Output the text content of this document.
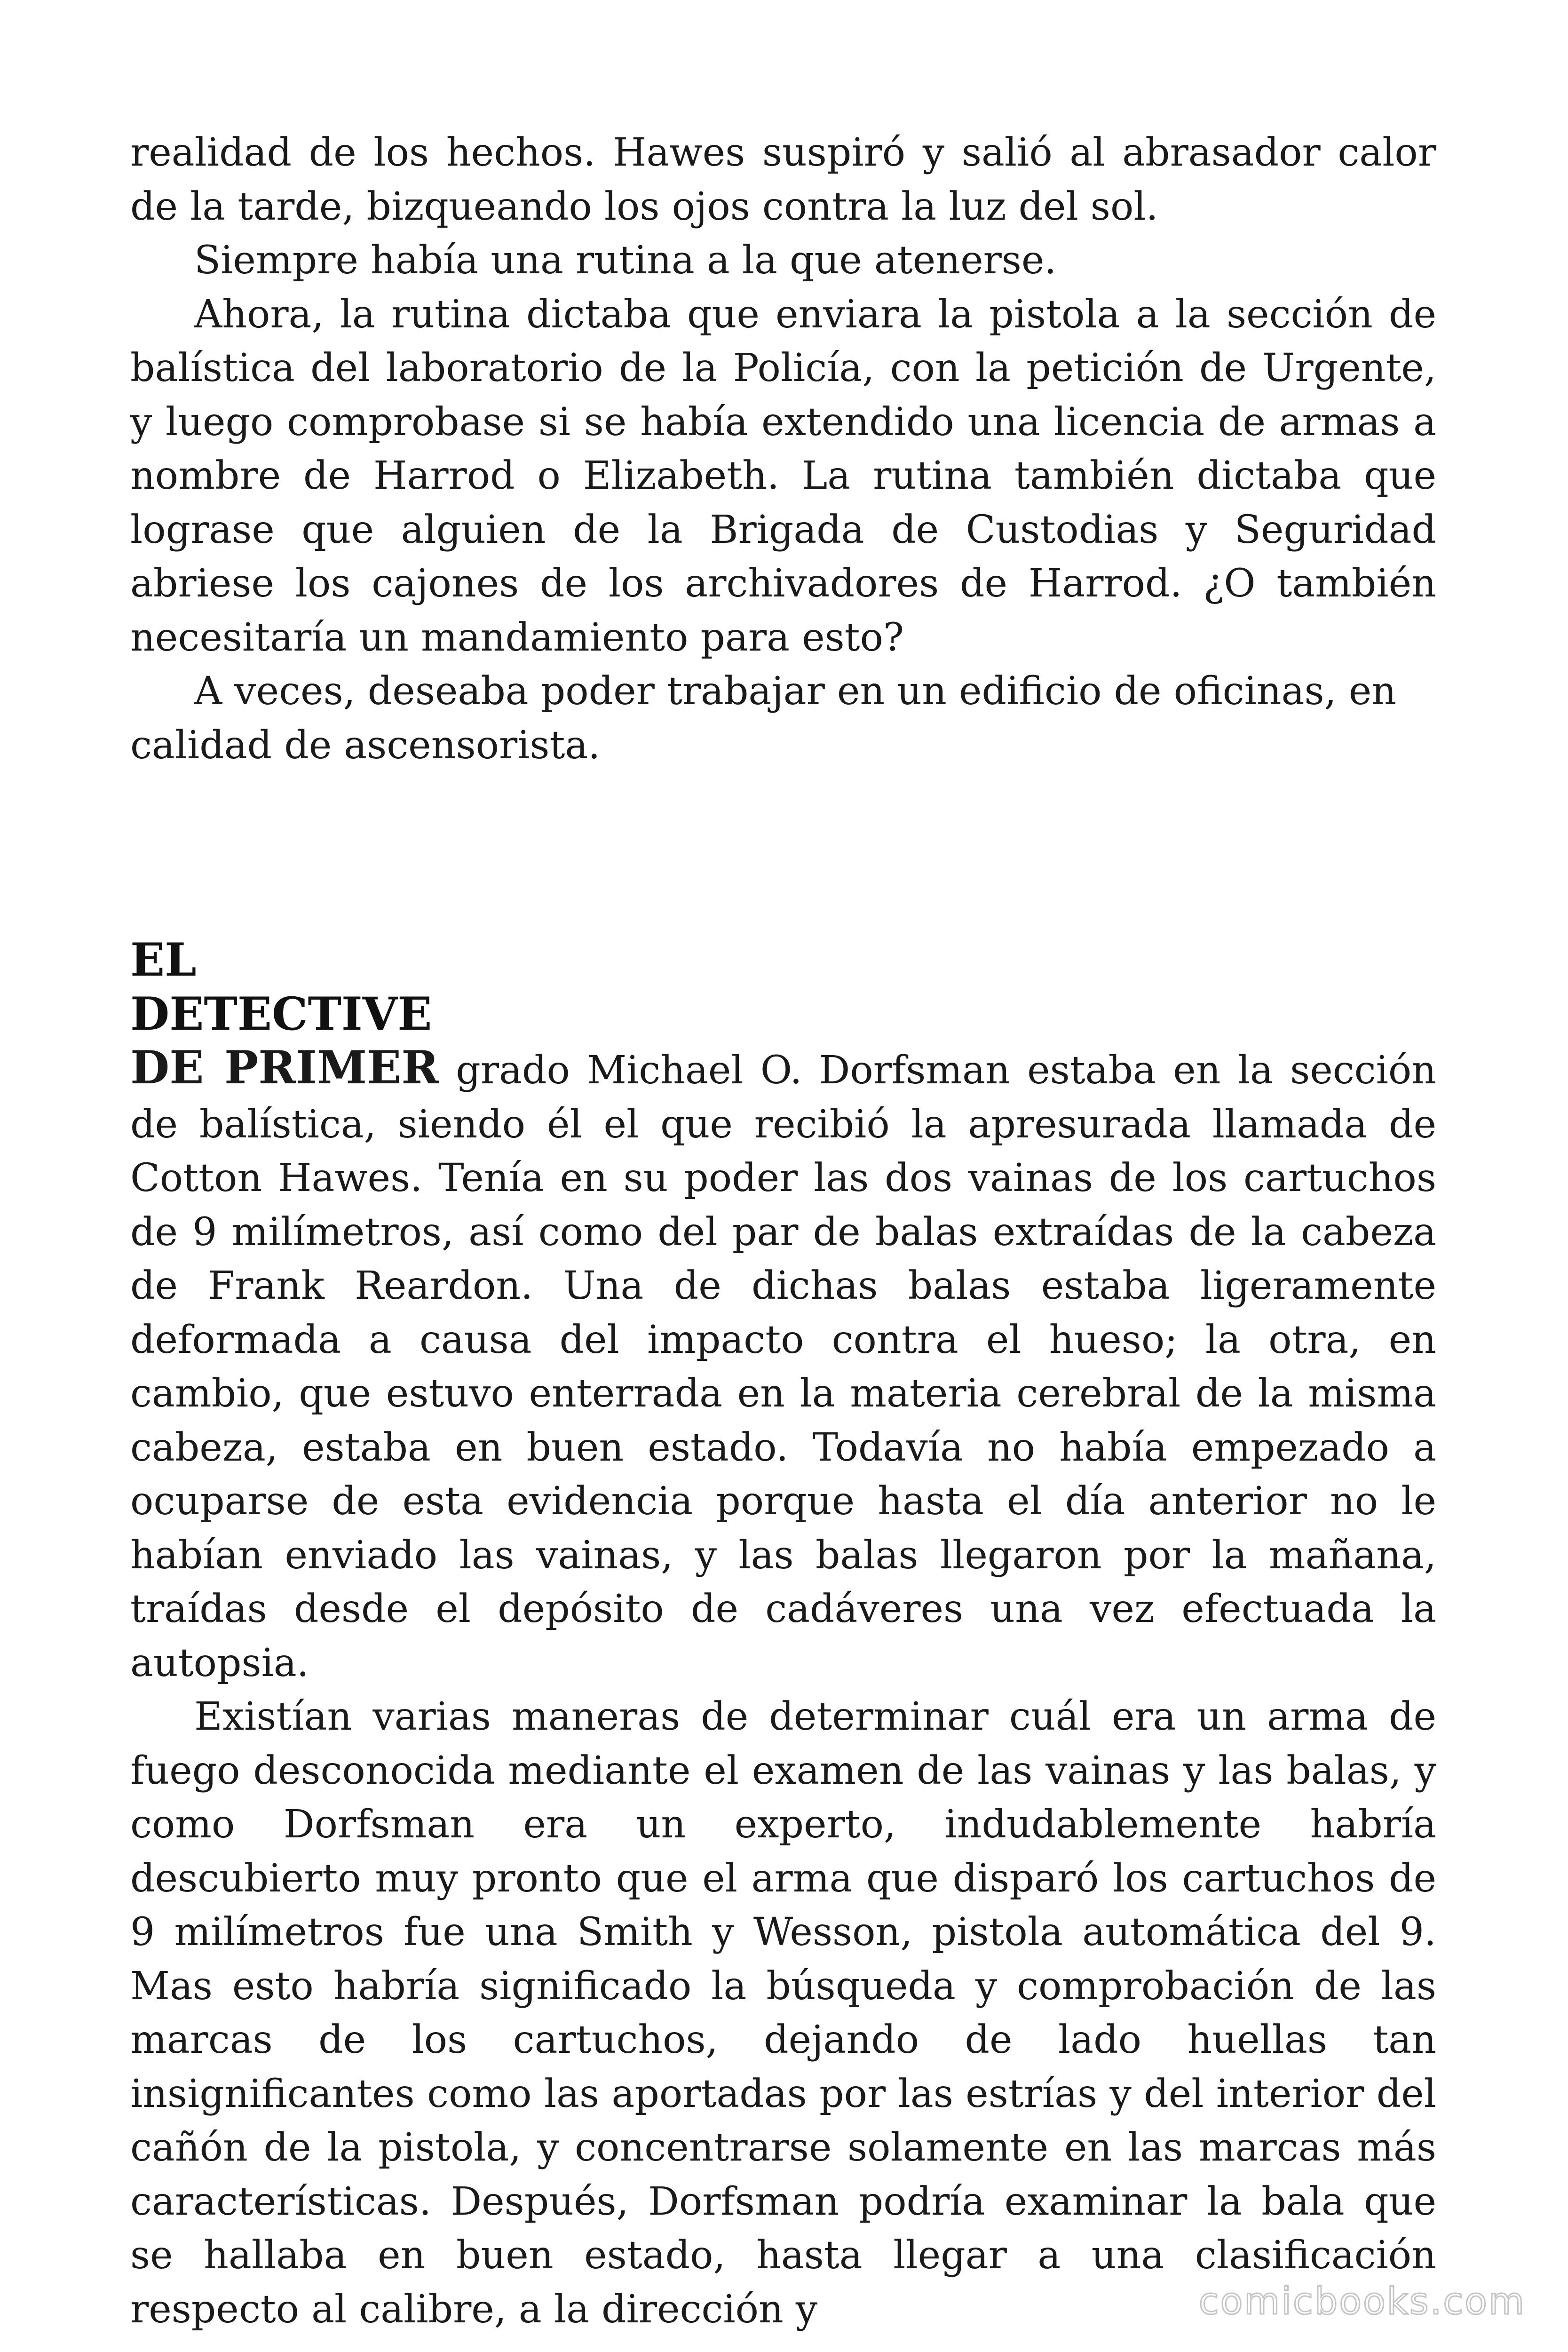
realidad de los hechos. Hawes suspiró y salió al abrasador calor de la tarde, bizqueando los ojos contra la luz del sol.

Siempre había una rutina a la que atenerse.

Ahora, la rutina dictaba que enviara la pistola a la sección de balística del laboratorio de la Policía, con la petición de Urgente, y luego comprobase si se había extendido una licencia de armas a nombre de Harrod o Elizabeth. La rutina también dictaba que lograse que alguien de la Brigada de Custodias y Seguridad abriese los cajones de los archivadores de Harrod. ¿O también necesitaría un mandamiento para esto?

A veces, deseaba poder trabajar en un edificio de oficinas, en calidad de ascensorista.

EL
DETECTIVE

DE PRIMER grado Michael O. Dorfsman estaba en la sección de balística, siendo él el que recibió la apresurada llamada de Cotton Hawes. Tenía en su poder las dos vainas de los cartuchos de 9 milímetros, así como del par de balas extraídas de la cabeza de Frank Reardon. Una de dichas balas estaba ligeramente deformada a causa del impacto contra el hueso; la otra, en cambio, que estuvo enterrada en la materia cerebral de la misma cabeza, estaba en buen estado. Todavía no había empezado a ocuparse de esta evidencia porque hasta el día anterior no le habían enviado las vainas, y las balas llegaron por la mañana, traídas desde el depósito de cadáveres una vez efectuada la autopsia.

Existían varias maneras de determinar cuál era un arma de fuego desconocida mediante el examen de las vainas y las balas, y como Dorfsman era un experto, indudablemente habría descubierto muy pronto que el arma que disparó los cartuchos de 9 milímetros fue una Smith y Wesson, pistola automática del 9. Mas esto habría significado la búsqueda y comprobación de las marcas de los cartuchos, dejando de lado huellas tan insignificantes como las aportadas por las estrías y del interior del cañón de la pistola, y concentrarse solamente en las marcas más características. Después, Dorfsman podría examinar la bala que se hallaba en buen estado, hasta llegar a una clasificación respecto al calibre, a la dirección y	comicbooks.com
